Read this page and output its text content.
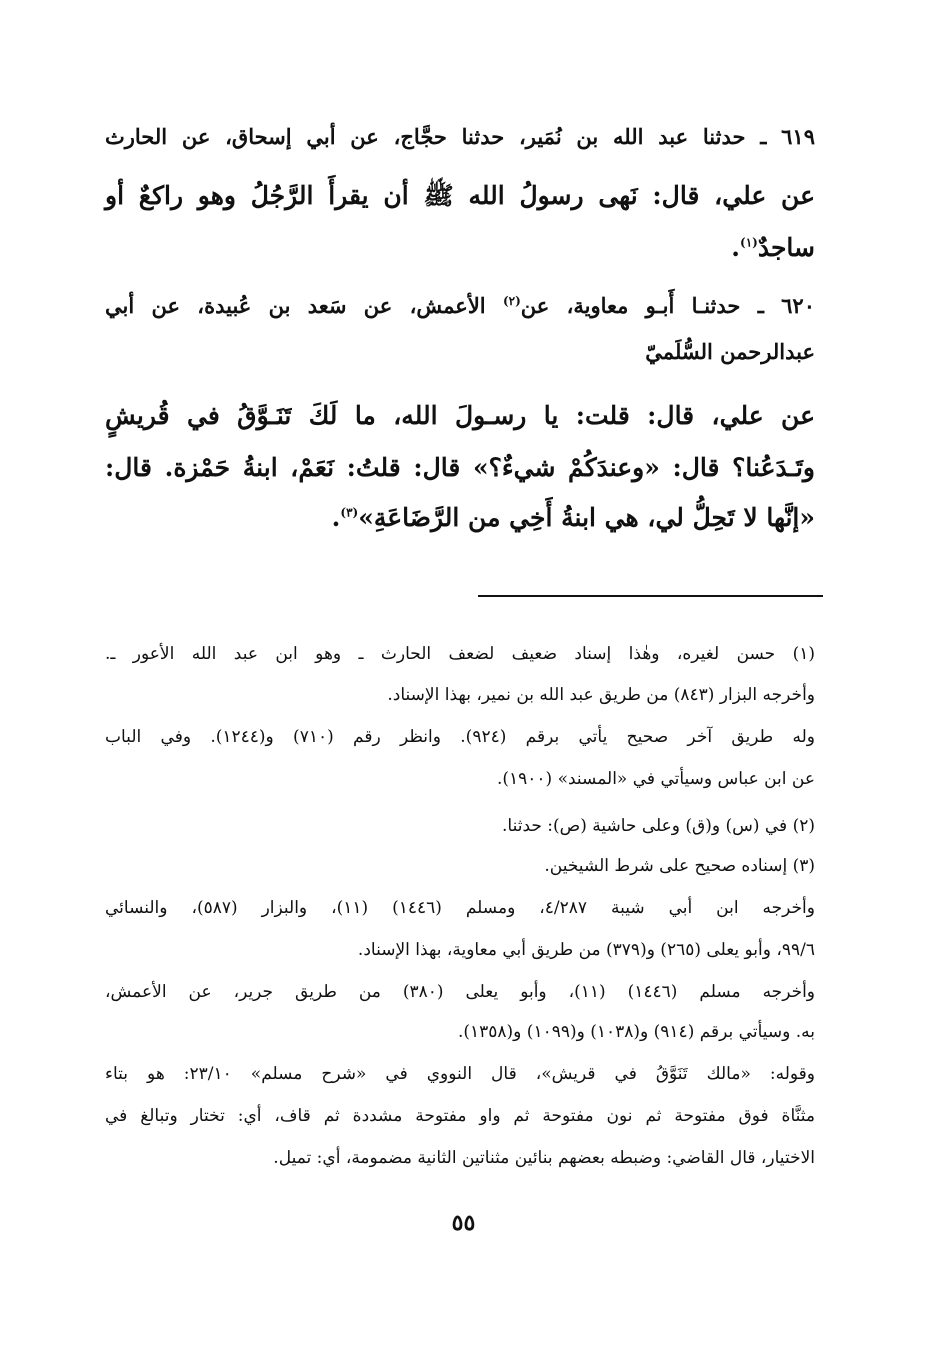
٦١٩ ـ حدثنا عبد الله بن نُمَير، حدثنا حجَّاج، عن أبي إسحاق، عن الحارث
عن علي، قال: نَهى رسولُ الله ﷺ أن يقرأَ الرَّجُلُ وهو راكعٌ أو
ساجدٌ$^{(١)}$.
٦٢٠ ـ حدثنـا أَبـو معاوية، عن$^{(٢)}$ الأعمش، عن سَعد بن عُبيدة، عن أبي
عبدالرحمن السُّلَميّ
عن علي، قال: قلت: يا رسـولَ الله، ما لَكَ تَنَـوَّقُ في قُريشٍ
وتَـدَعُنا؟ قال: «وعندَكُمْ شيءٌ؟» قال: قلتُ: نَعَمْ، ابنةُ حَمْزة. قال:
«إنَّها لا تَحِلُّ لي، هي ابنةُ أَخِي من الرَّضَاعَةِ»$^{(٣)}$.
(١) حسن لغيره، وهٰذا إسناد ضعيف لضعف الحارث ـ وهو ابن عبد الله الأعور ـ.
وأخرجه البزار (٨٤٣) من طريق عبد الله بن نمير، بهذا الإسناد.
وله طريق آخر صحيح يأتي برقم (٩٢٤). وانظر رقم (٧١٠) و(١٢٤٤). وفي الباب
عن ابن عباس وسيأتي في «المسند» (١٩٠٠).
(٢) في (س) و(ق) وعلى حاشية (ص): حدثنا.
(٣) إسناده صحيح على شرط الشيخين.
وأخرجه ابن أبي شيبة ٤/٢٨٧، ومسلم (١٤٤٦) (١١)، والبزار (٥٨٧)، والنسائي
٩٩/٦، وأبو يعلى (٢٦٥) و(٣٧٩) من طريق أبي معاوية، بهذا الإسناد.
وأخرجه مسلم (١٤٤٦) (١١)، وأبو يعلى (٣٨٠) من طريق جرير، عن الأعمش،
به. وسيأتي برقم (٩١٤) و(١٠٣٨) و(١٠٩٩) و(١٣٥٨).
وقوله: «مالك تَنَوَّقُ في قريش»، قال النووي في «شرح مسلم» ٢٣/١٠: هو بتاء
مثنَّاة فوق مفتوحة ثم نون مفتوحة ثم واو مفتوحة مشددة ثم قاف، أي: تختار وتبالغ في
الاختيار، قال القاضي: وضبطه بعضهم بنائين مثناتين الثانية مضمومة، أي: تميل.
٥٥
